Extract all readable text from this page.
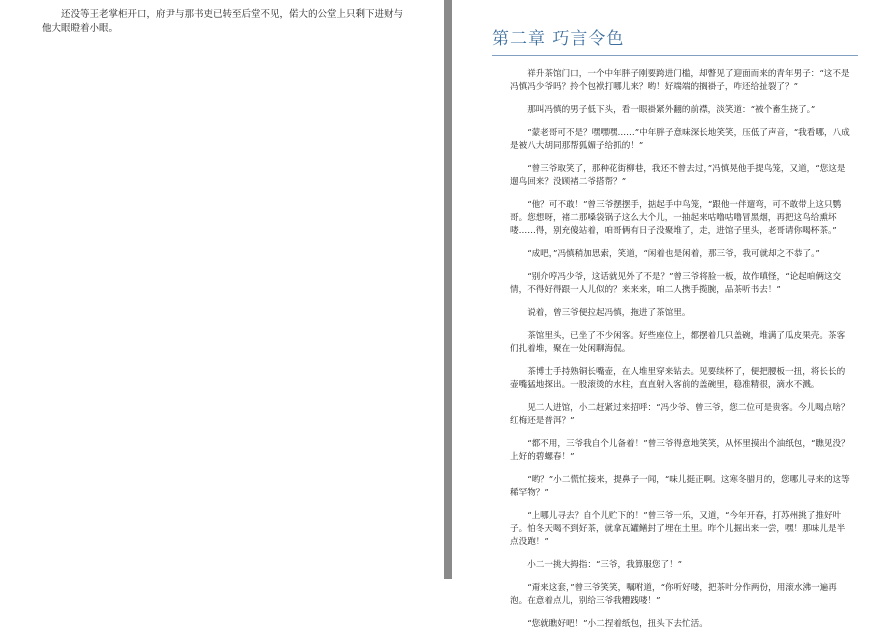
还没等王老掌柜开口，府尹与那书吏已转至后堂不见，偌大的公堂上只剩下进财与他大眼瞪着小眼。

第二章 巧言令色

祥升茶馆门口，一个中年胖子刚要跨进门槛，却瞥见了迎面而来的青年男子：“这不是冯慎冯少爷吗？拎个包袱打哪儿来？哟！好端端的搁褂子，咋还给扯裂了？”

那叫冯慎的男子低下头，看一眼褂紧外翻的前襟，淡笑道：“被个畜生挠了。”

“蒙老哥可不是？嘿嘿嘿……”中年胖子意味深长地笑笑，压低了声音，“我看哪，八成是被八大胡同那帮狐媚子给抓的！”

“曾三爷取笑了，那种花街柳巷，我还不曾去过，”冯慎晃他手提鸟笼，又道，“您这是遛鸟回来？没顾褚二爷搭帮？”

“他？可不敢！”曾三爷摆摆手，掂起手中鸟笼，“跟他一伴遛弯，可不敢带上这只鹦哥。您想呀，褚二那嗓袋锅子这么大个儿，一抽起来咕噜咕噜冒黑烟，再把这鸟给熏坏喽……得，别充傻站着，咱哥俩有日子没聚堆了，走，进馆子里头，老哥请你喝杯茶。”

“成吧，”冯慎稍加思索，笑道，“闲着也是闲着，那三爷，我可就却之不恭了。”

“别介哼冯少爷，这话就见外了不是？”曾三爷将脸一板，故作嗔怪，“论起咱俩这交情，不得好得跟一人儿似的？来来来，咱二人携手揽腕，品茶听书去！”

说着，曾三爷便拉起冯慎，拖进了茶馆里。

茶馆里头，已坐了不少闲客。好些座位上，都摆着几只盖碗，堆满了瓜皮果壳。茶客们扎着堆，聚在一处闲聊海侃。

茶博士手持熟铜长嘴壶，在人堆里穿来钻去。见要续杯了，便把腰板一扭，将长长的壶嘴猛地探出。一股滚烫的水柱，直直射入客前的盖碗里，稳准精很，滴水不溅。

见二人进馆，小二赶紧过来招呼：“冯少爷、曾三爷，您二位可是贵客。今儿喝点啥？红梅还是普洱？”

“都不用，三爷我自个儿备着！”曾三爷得意地笑笑，从怀里摸出个油纸包，“瞧见没？上好的碧螺春！”

“哟？”小二慌忙接来，提鼻子一闻，“味儿挺正啊。这寒冬腊月的，您哪儿寻来的这等稀罕物？”

“上哪儿寻去？自个儿贮下的！”曾三爷一乐，又道，“今年开春，打苏州挑了推好叶子。怕冬天喝不到好茶，就拿瓦罐鳝封了埋在土里。昨个儿掘出来一尝，嘿！那味儿是半点没跑！”

小二一挑大拇指：“三爷，我算服您了！”

“甭来这套，”曾三爷笑笑，嘱咐道，“你听好喽，把茶叶分作两份，用滚水沸一遍再泡。在意着点儿，别给三爷我糟践喽！”

“您就瞧好吧！”小二捏着纸包，扭头下去忙活。
